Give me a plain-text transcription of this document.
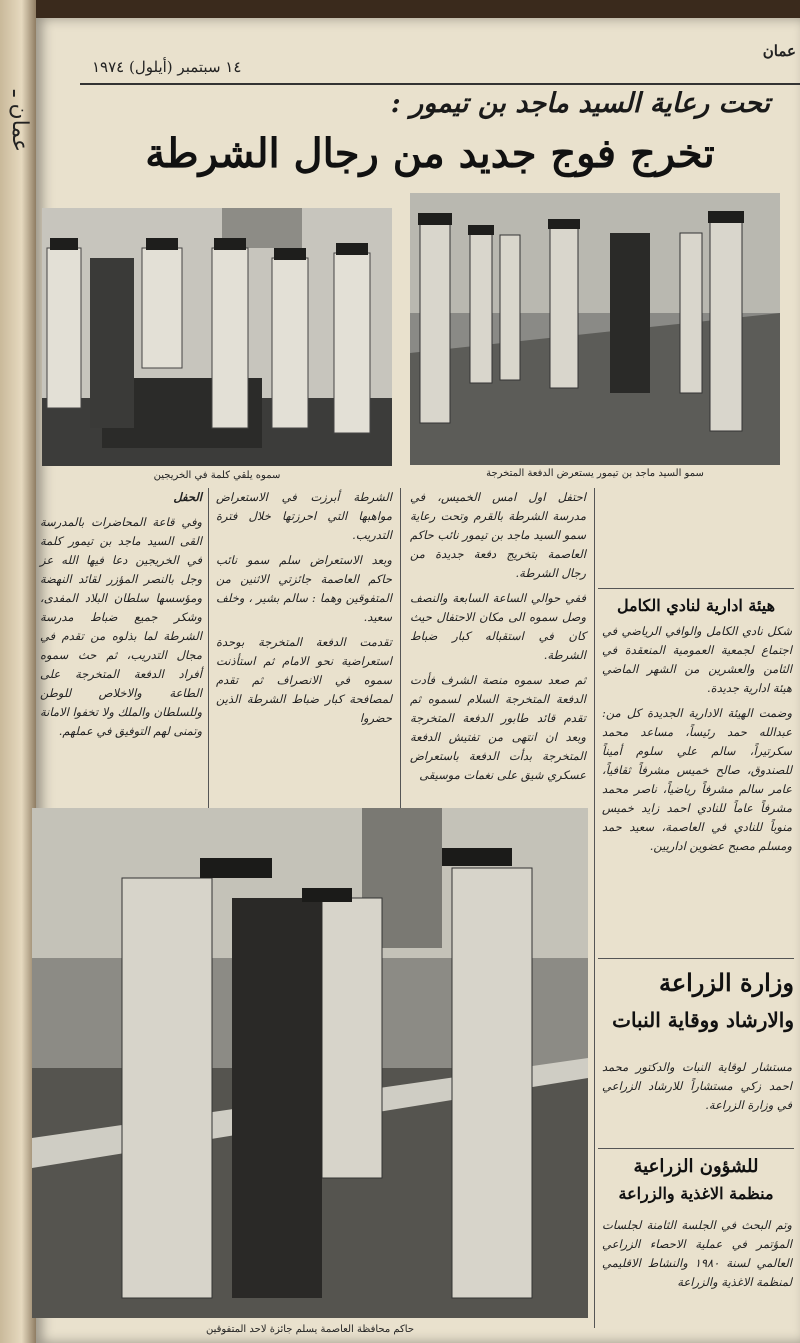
عمان ـ
عمان
١٤ سبتمبر (أيلول) ١٩٧٤
تحت رعاية السيد ماجد بن تيمور :
تخرج فوج جديد من رجال الشرطة
سمو السيد ماجد بن تيمور يستعرض الدفعة المتخرجة
سموه يلقي كلمة في الخريجين

احتفل اول امس الخميس، في مدرسة الشرطة بالقرم وتحت رعاية سمو السيد ماجد بن تيمور نائب حاكم العاصمة بتخريج دفعة جديدة من رجال الشرطة.

ففي حوالي الساعة السابعة والنصف وصل سموه الى مكان الاحتفال حيث كان في استقباله كبار ضباط الشرطة.

ثم صعد سموه منصة الشرف فأدت الدفعة المتخرجة السلام لسموه ثم تقدم قائد طابور الدفعة المتخرجة وبعد ان انتهى من تفتيش الدفعة المتخرجة بدأت الدفعة باستعراض عسكري شيق على نغمات موسيقى

الشرطة أبرزت في الاستعراض مواهبها التي احرزتها خلال فترة التدريب.

وبعد الاستعراض سلم سمو نائب حاكم العاصمة جائزتي الاثنين من المتفوقين وهما : سالم بشير ، وخلف سعيد.

تقدمت الدفعة المتخرجة بوحدة استعراضية نحو الامام ثم استأذنت سموه في الانصراف ثم تقدم لمصافحة كبار ضباط الشرطة الذين حضروا

الحفل

وفي قاعة المحاضرات بالمدرسة القى السيد ماجد بن تيمور كلمة في الخريجين دعا فيها الله عز وجل بالنصر المؤزر لقائد النهضة ومؤسسها سلطان البلاد المفدى، وشكر جميع ضباط مدرسة الشرطة لما بذلوه من تقدم في مجال التدريب، ثم حث سموه أفراد الدفعة المتخرجة على الطاعة والاخلاص للوطن وللسلطان والملك ولا تخفوا الامانة وتمنى لهم التوفيق في عملهم.

حاكم محافظة العاصمة يسلم جائزة لاحد المتفوقين
هيئة ادارية لنادي الكامل

شكل نادي الكامل والوافي الرياضي في اجتماع لجمعية العمومية المنعقدة في الثامن والعشرين من الشهر الماضي هيئة ادارية جديدة.

وضمت الهيئة الادارية الجديدة كل من: عبدالله حمد رئيساً، مساعد محمد سكرتيراً، سالم علي سلوم أميناً للصندوق، صالح خميس مشرفاً ثقافياً، عامر سالم مشرفاً رياضياً، ناصر محمد مشرفاً عاماً للنادي احمد زايد خميس منوباً للنادي في العاصمة، سعيد حمد ومسلم مصبح عضوين اداريين.

وزارة الزراعة
والارشاد ووقاية النبات

مستشار لوقاية النبات والدكتور محمد احمد زكي مستشاراً للارشاد الزراعي في وزارة الزراعة.

للشؤون الزراعية
منظمة الاغذية والزراعة

وتم البحث في الجلسة الثامنة لجلسات المؤتمر في عملية الاحصاء الزراعي العالمي لسنة ١٩٨٠ والنشاط الاقليمي لمنظمة الاغذية والزراعة
